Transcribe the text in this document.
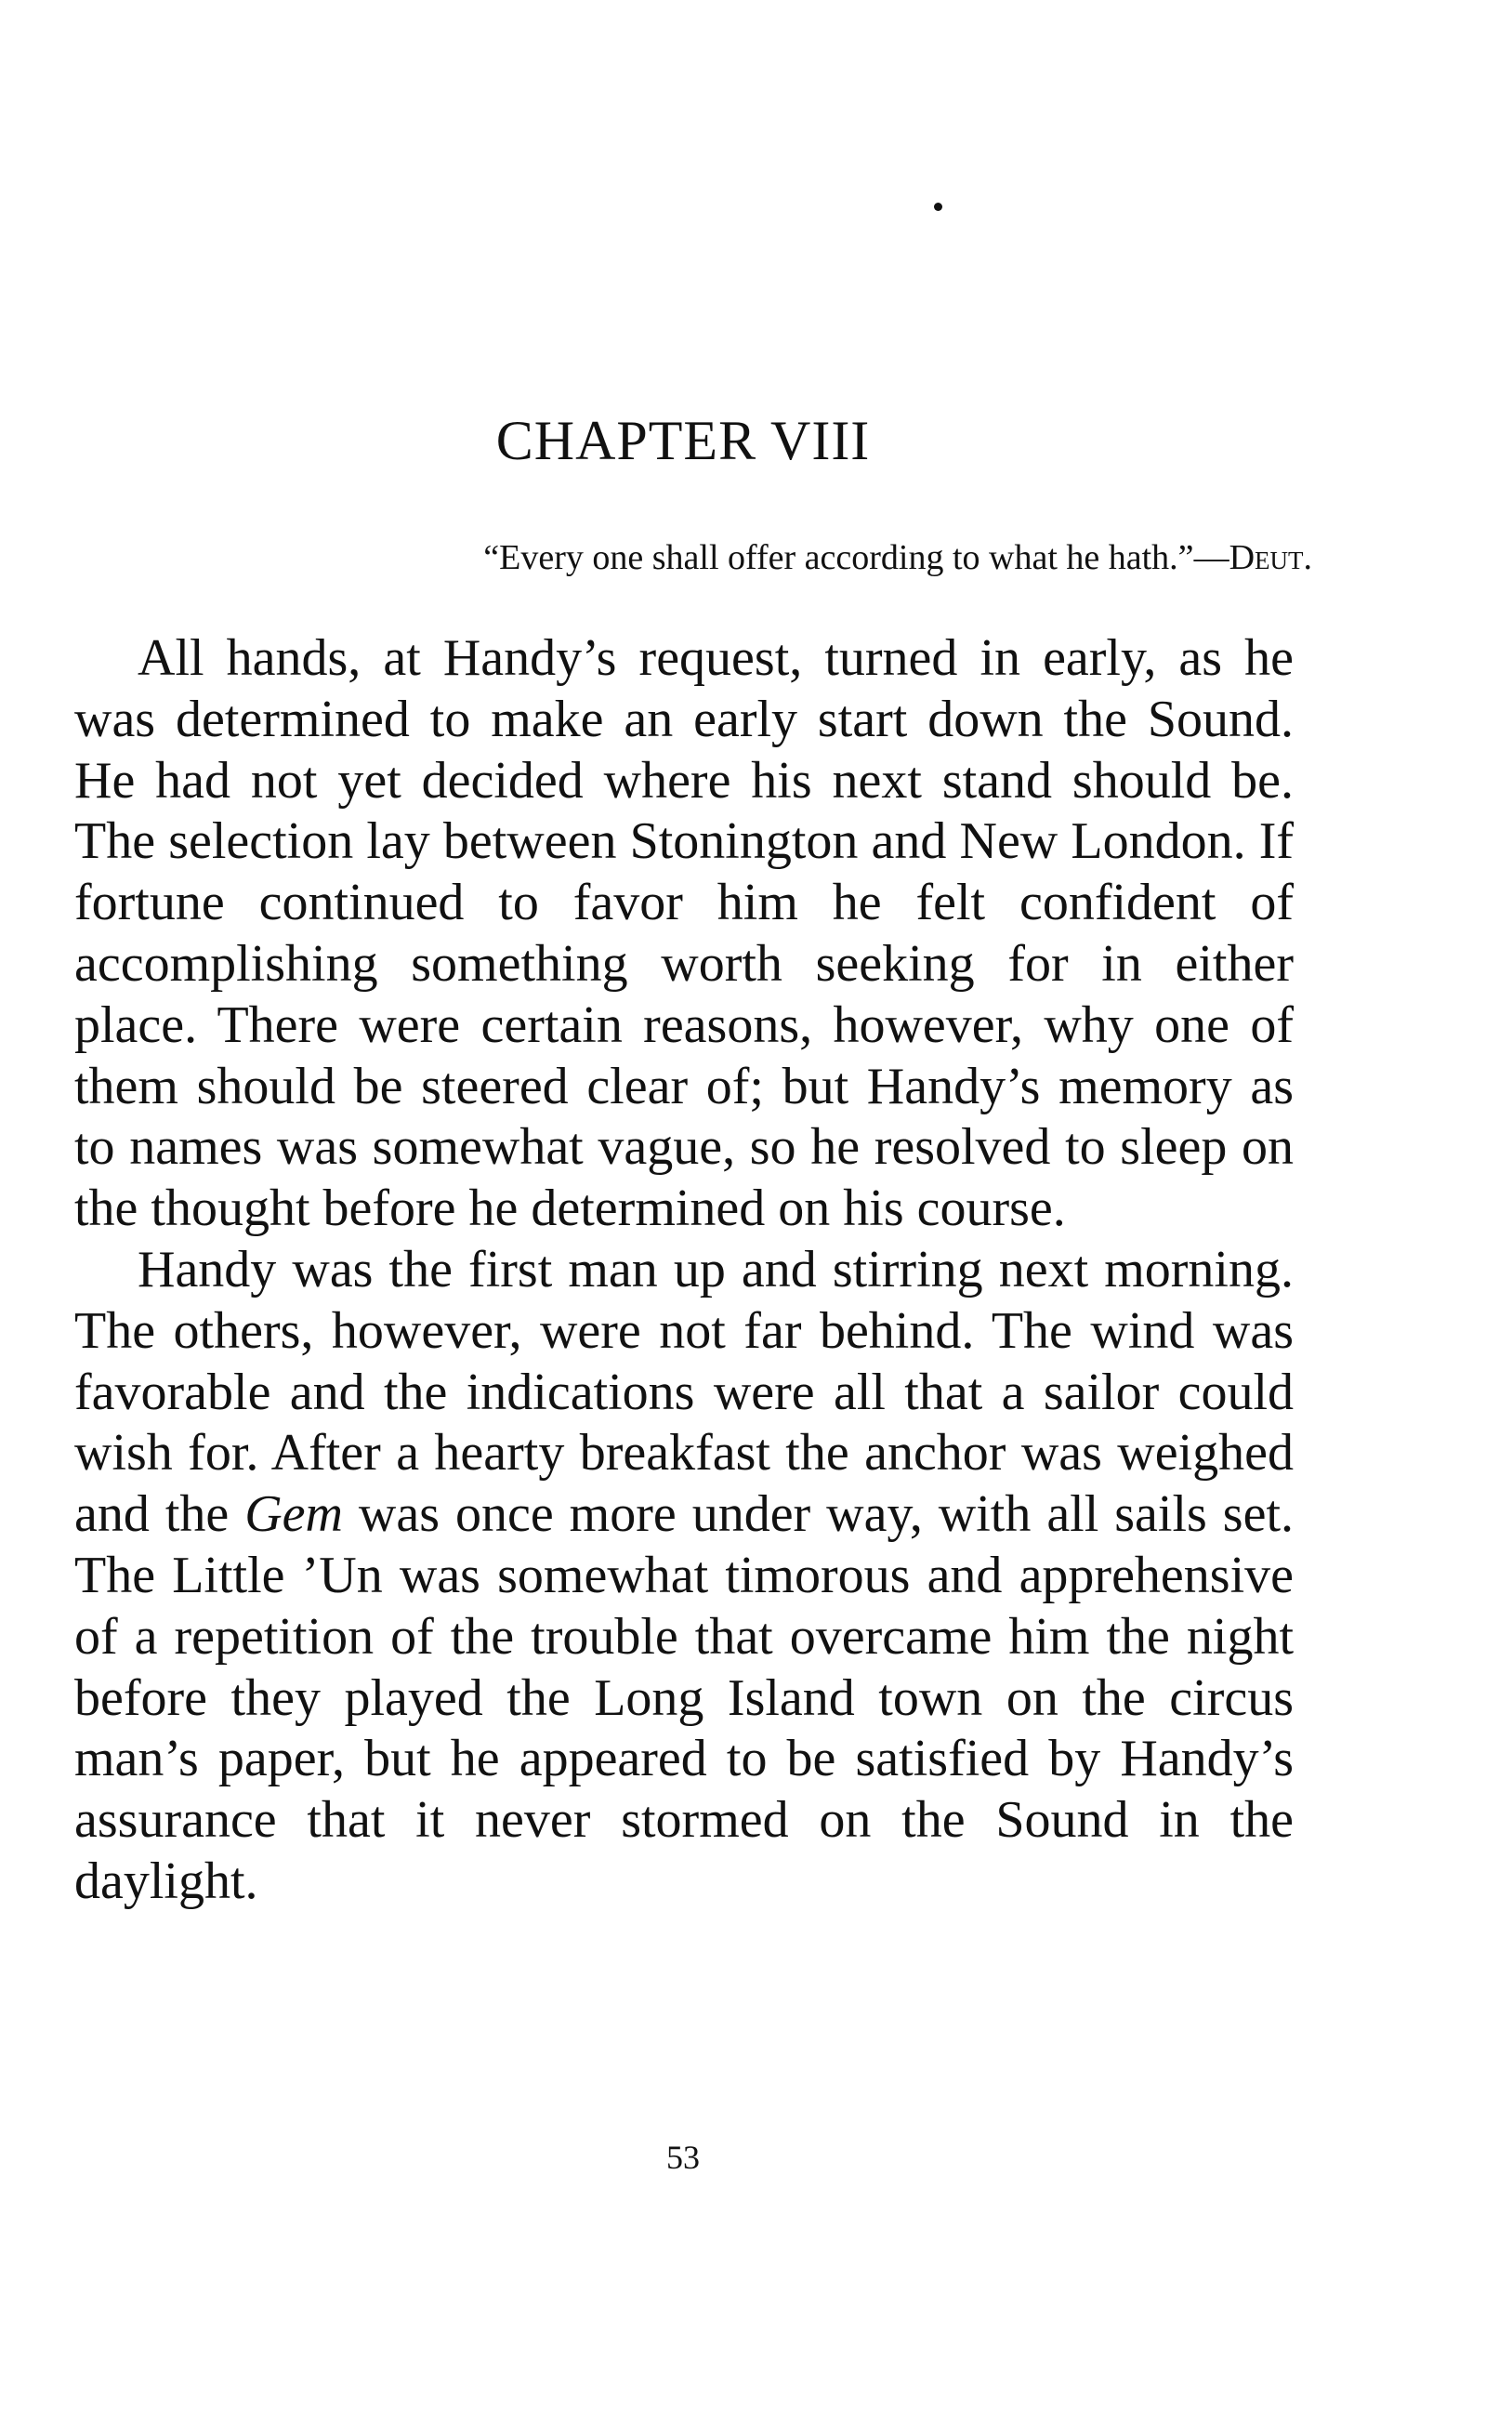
CHAPTER VIII

“Every one shall offer according to what he hath.”—Deut.

All hands, at Handy’s request, turned in early, as he was determined to make an early start down the Sound. He had not yet decided where his next stand should be. The selection lay between Stonington and New London. If fortune continued to favor him he felt confident of accomplishing something worth seeking for in either place. There were certain reasons, however, why one of them should be steered clear of; but Handy’s memory as to names was somewhat vague, so he resolved to sleep on the thought before he determined on his course.

Handy was the first man up and stirring next morning. The others, however, were not far behind. The wind was favorable and the indications were all that a sailor could wish for. After a hearty breakfast the anchor was weighed and the Gem was once more under way, with all sails set. The Little ’Un was somewhat timorous and apprehensive of a repetition of the trouble that overcame him the night before they played the Long Island town on the circus man’s paper, but he appeared to be satisfied by Handy’s assurance that it never stormed on the Sound in the daylight.

53
